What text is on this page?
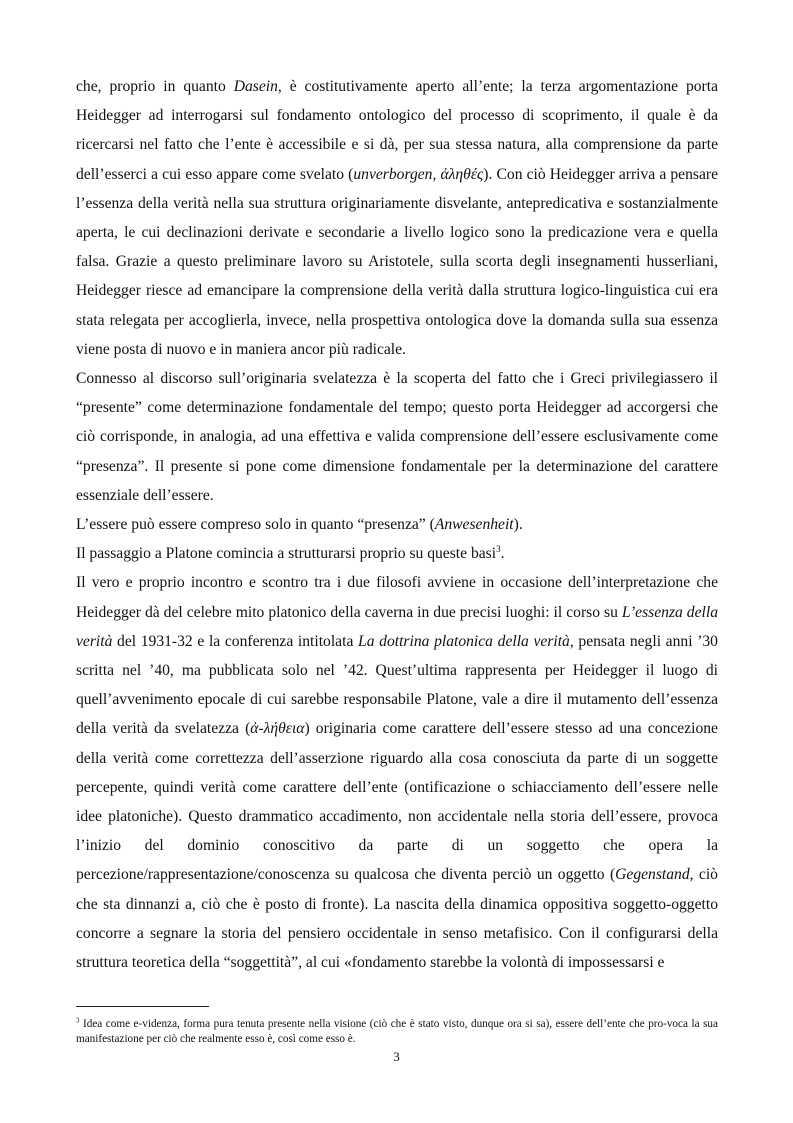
che, proprio in quanto Dasein, è costitutivamente aperto all’ente; la terza argomentazione porta Heidegger ad interrogarsi sul fondamento ontologico del processo di scoprimento, il quale è da ricercarsi nel fatto che l’ente è accessibile e si dà, per sua stessa natura, alla comprensione da parte dell’esserci a cui esso appare come svelato (unverborgen, ἀληθές). Con ciò Heidegger arriva a pensare l’essenza della verità nella sua struttura originariamente disvelante, antepredicativa e sostanzialmente aperta, le cui declinazioni derivate e secondarie a livello logico sono la predicazione vera e quella falsa. Grazie a questo preliminare lavoro su Aristotele, sulla scorta degli insegnamenti husserliani, Heidegger riesce ad emancipare la comprensione della verità dalla struttura logico-linguistica cui era stata relegata per accoglierla, invece, nella prospettiva ontologica dove la domanda sulla sua essenza viene posta di nuovo e in maniera ancor più radicale.

Connesso al discorso sull’originaria svelatezza è la scoperta del fatto che i Greci privilegiassero il “presente” come determinazione fondamentale del tempo; questo porta Heidegger ad accorgersi che ciò corrisponde, in analogia, ad una effettiva e valida comprensione dell’essere esclusivamente come “presenza”. Il presente si pone come dimensione fondamentale per la determinazione del carattere essenziale dell’essere.

L’essere può essere compreso solo in quanto “presenza” (Anwesenheit).

Il passaggio a Platone comincia a strutturarsi proprio su queste basi$^3$.

Il vero e proprio incontro e scontro tra i due filosofi avviene in occasione dell’interpretazione che Heidegger dà del celebre mito platonico della caverna in due precisi luoghi: il corso su L’essenza della verità del 1931-32 e la conferenza intitolata La dottrina platonica della verità, pensata negli anni ’30 scritta nel ’40, ma pubblicata solo nel ’42. Quest’ultima rappresenta per Heidegger il luogo di quell’avvenimento epocale di cui sarebbe responsabile Platone, vale a dire il mutamento dell’essenza della verità da svelatezza (ἀ-λήθεια) originaria come carattere dell’essere stesso ad una concezione della verità come correttezza dell’asserzione riguardo alla cosa conosciuta da parte di un soggette percepente, quindi verità come carattere dell’ente (ontificazione o schiacciamento dell’essere nelle idee platoniche). Questo drammatico accadimento, non accidentale nella storia dell’essere, provoca l’inizio del dominio conoscitivo da parte di un soggetto che opera la percezione/rappresentazione/conoscenza su qualcosa che diventa perciò un oggetto (Gegenstand, ciò che sta dinnanzi a, ciò che è posto di fronte). La nascita della dinamica oppositiva soggetto-oggetto concorre a segnare la storia del pensiero occidentale in senso metafisico. Con il configurarsi della struttura teoretica della “soggettità”, al cui «fondamento starebbe la volontà di impossessarsi e

$^3$ Idea come e-videnza, forma pura tenuta presente nella visione (ciò che è stato visto, dunque ora si sa), essere dell’ente che pro-voca la sua manifestazione per ciò che realmente esso è, così come esso è.

3
